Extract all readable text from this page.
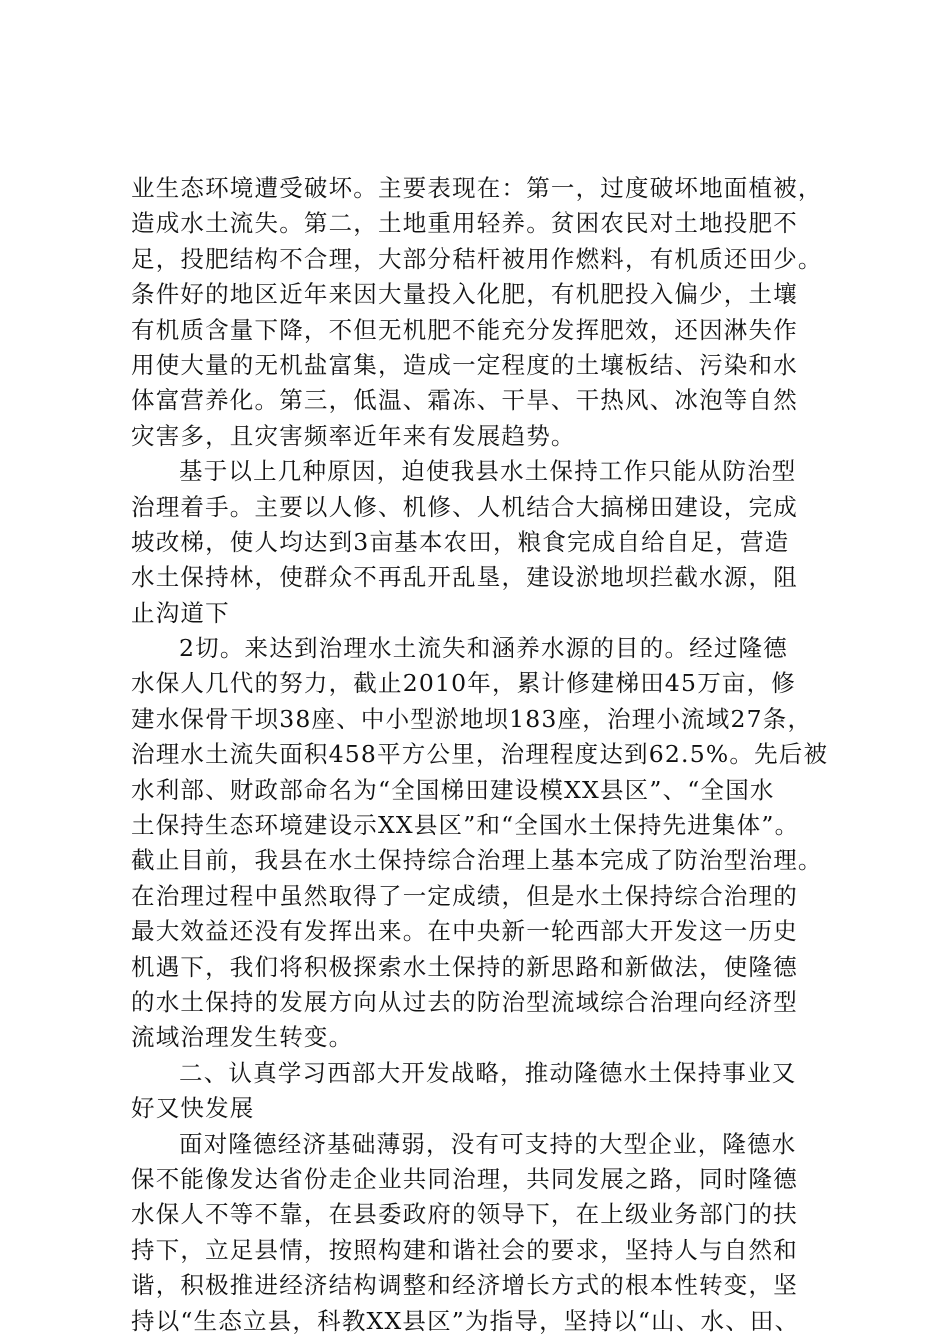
业生态环境遭受破坏。主要表现在：第一，过度破坏地面植被，
造成水土流失。第二，土地重用轻养。贫困农民对土地投肥不
足，投肥结构不合理，大部分秸杆被用作燃料，有机质还田少。
条件好的地区近年来因大量投入化肥，有机肥投入偏少，土壤
有机质含量下降，不但无机肥不能充分发挥肥效，还因淋失作
用使大量的无机盐富集，造成一定程度的土壤板结、污染和水
体富营养化。第三，低温、霜冻、干旱、干热风、冰泡等自然
灾害多，且灾害频率近年来有发展趋势。
基于以上几种原因，迫使我县水土保持工作只能从防治型
治理着手。主要以人修、机修、人机结合大搞梯田建设，完成
坡改梯，使人均达到3亩基本农田，粮食完成自给自足，营造
水土保持林，使群众不再乱开乱垦，建设淤地坝拦截水源，阻
止沟道下
2切。来达到治理水土流失和涵养水源的目的。经过隆德
水保人几代的努力，截止2010年，累计修建梯田45万亩，修
建水保骨干坝38座、中小型淤地坝183座，治理小流域27条，
治理水土流失面积458平方公里，治理程度达到62.5%。先后被
水利部、财政部命名为“全国梯田建设模XX县区”、“全国水
土保持生态环境建设示XX县区”和“全国水土保持先进集体”。
截止目前，我县在水土保持综合治理上基本完成了防治型治理。
在治理过程中虽然取得了一定成绩，但是水土保持综合治理的
最大效益还没有发挥出来。在中央新一轮西部大开发这一历史
机遇下，我们将积极探索水土保持的新思路和新做法，使隆德
的水土保持的发展方向从过去的防治型流域综合治理向经济型
流域治理发生转变。
二、认真学习西部大开发战略，推动隆德水土保持事业又
好又快发展
面对隆德经济基础薄弱，没有可支持的大型企业，隆德水
保不能像发达省份走企业共同治理，共同发展之路，同时隆德
水保人不等不靠，在县委政府的领导下，在上级业务部门的扶
持下，立足县情，按照构建和谐社会的要求，坚持人与自然和
谐，积极推进经济结构调整和经济增长方式的根本性转变，坚
持以“生态立县，科教XX县区”为指导，坚持以“山、水、田、
